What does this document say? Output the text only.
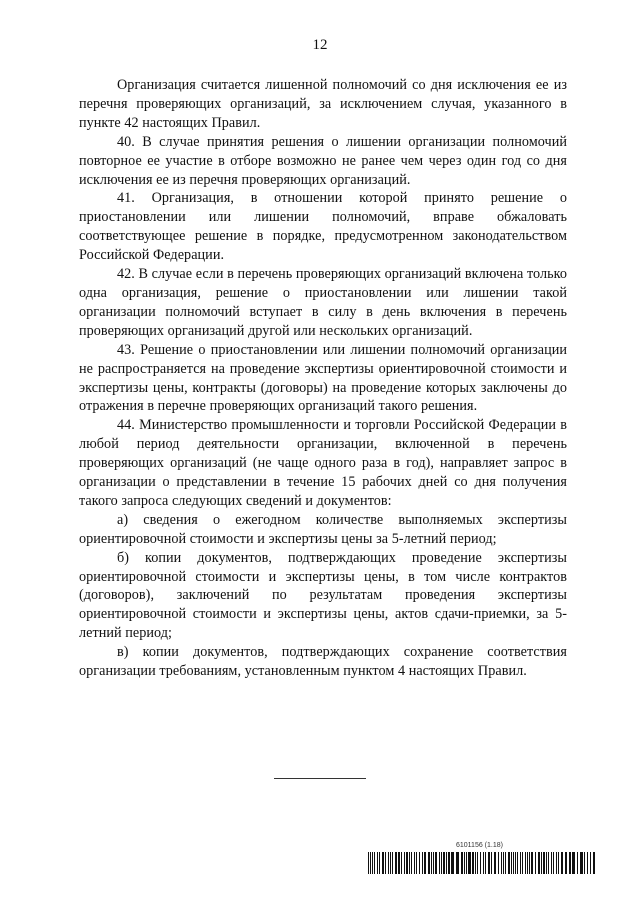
12

Организация считается лишенной полномочий со дня исключения ее из перечня проверяющих организаций, за исключением случая, указанного в пункте 42 настоящих Правил.

40. В случае принятия решения о лишении организации полномочий повторное ее участие в отборе возможно не ранее чем через один год со дня исключения ее из перечня проверяющих организаций.

41. Организация, в отношении которой принято решение о приостановлении или лишении полномочий, вправе обжаловать соответствующее решение в порядке, предусмотренном законодательством Российской Федерации.

42. В случае если в перечень проверяющих организаций включена только одна организация, решение о приостановлении или лишении такой организации полномочий вступает в силу в день включения в перечень проверяющих организаций другой или нескольких организаций.

43. Решение о приостановлении или лишении полномочий организации не распространяется на проведение экспертизы ориентировочной стоимости и экспертизы цены, контракты (договоры) на проведение которых заключены до отражения в перечне проверяющих организаций такого решения.

44. Министерство промышленности и торговли Российской Федерации в любой период деятельности организации, включенной в перечень проверяющих организаций (не чаще одного раза в год), направляет запрос в организации о представлении в течение 15 рабочих дней со дня получения такого запроса следующих сведений и документов:

а) сведения о ежегодном количестве выполняемых экспертизы ориентировочной стоимости и экспертизы цены за 5-летний период;

б) копии документов, подтверждающих проведение экспертизы ориентировочной стоимости и экспертизы цены, в том числе контрактов (договоров), заключений по результатам проведения экспертизы ориентировочной стоимости и экспертизы цены, актов сдачи-приемки, за 5-летний период;

в) копии документов, подтверждающих сохранение соответствия организации требованиям, установленным пунктом 4 настоящих Правил.

6101156 (1.18)
